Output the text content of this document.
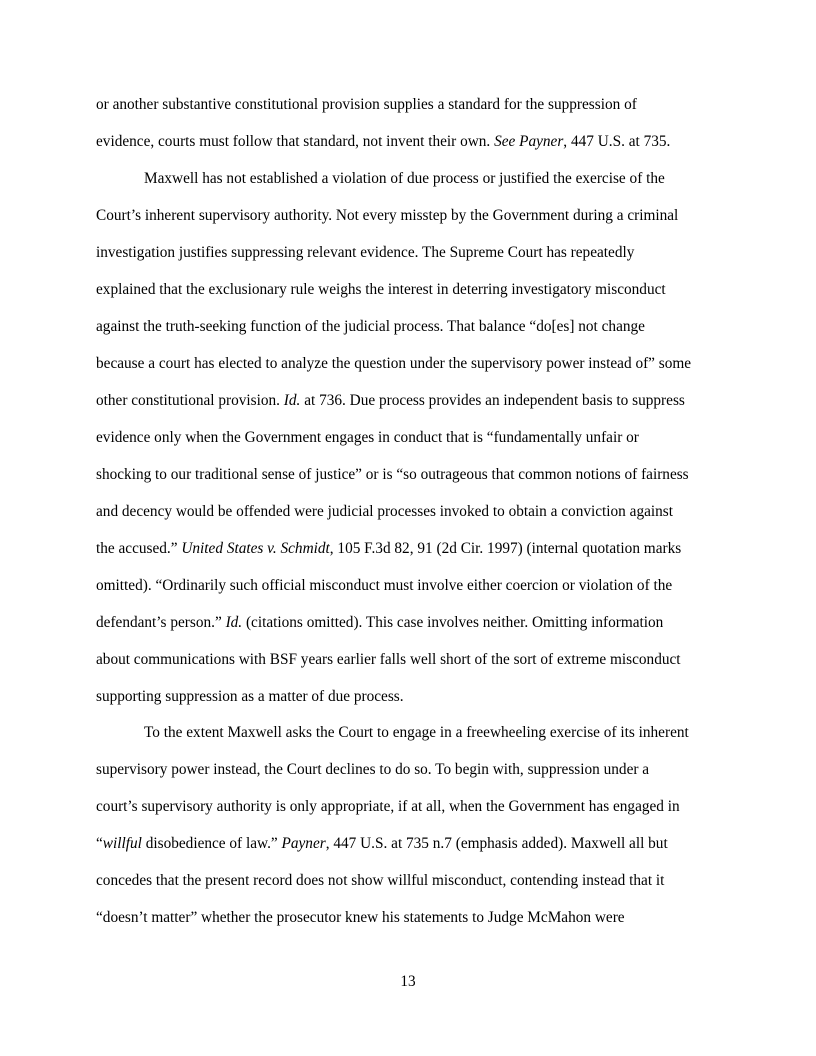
or another substantive constitutional provision supplies a standard for the suppression of
evidence, courts must follow that standard, not invent their own. See Payner, 447 U.S. at 735.
Maxwell has not established a violation of due process or justified the exercise of the
Court’s inherent supervisory authority. Not every misstep by the Government during a criminal
investigation justifies suppressing relevant evidence. The Supreme Court has repeatedly
explained that the exclusionary rule weighs the interest in deterring investigatory misconduct
against the truth-seeking function of the judicial process. That balance “do[es] not change
because a court has elected to analyze the question under the supervisory power instead of” some
other constitutional provision. Id. at 736. Due process provides an independent basis to suppress
evidence only when the Government engages in conduct that is “fundamentally unfair or
shocking to our traditional sense of justice” or is “so outrageous that common notions of fairness
and decency would be offended were judicial processes invoked to obtain a conviction against
the accused.” United States v. Schmidt, 105 F.3d 82, 91 (2d Cir. 1997) (internal quotation marks
omitted). “Ordinarily such official misconduct must involve either coercion or violation of the
defendant’s person.” Id. (citations omitted). This case involves neither. Omitting information
about communications with BSF years earlier falls well short of the sort of extreme misconduct
supporting suppression as a matter of due process.
To the extent Maxwell asks the Court to engage in a freewheeling exercise of its inherent
supervisory power instead, the Court declines to do so. To begin with, suppression under a
court’s supervisory authority is only appropriate, if at all, when the Government has engaged in
“willful disobedience of law.” Payner, 447 U.S. at 735 n.7 (emphasis added). Maxwell all but
concedes that the present record does not show willful misconduct, contending instead that it
“doesn’t matter” whether the prosecutor knew his statements to Judge McMahon were
13
